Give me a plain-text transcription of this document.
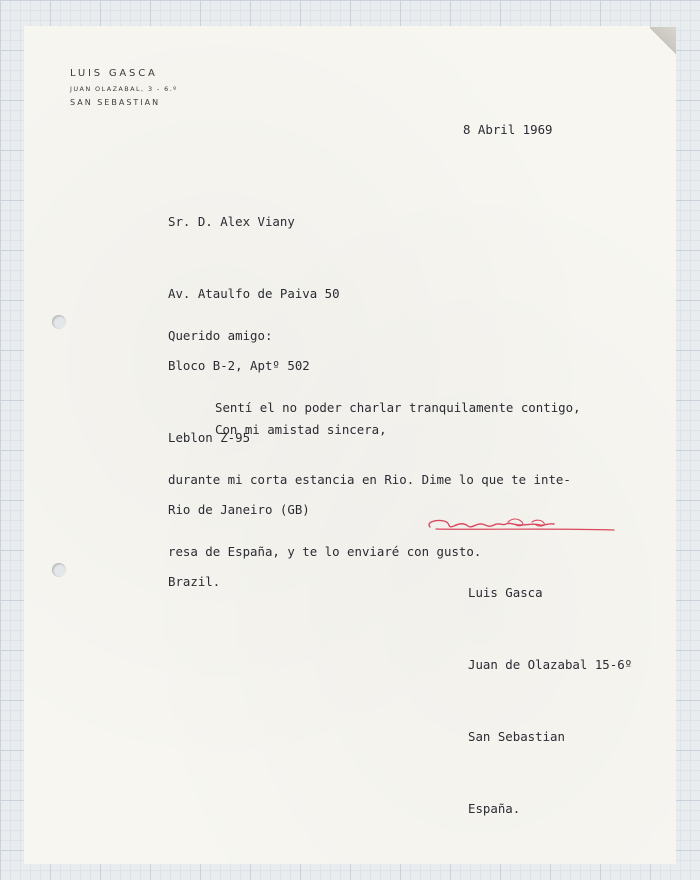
LUIS GASCA
JUAN OLAZABAL, 3 - 6.º
SAN SEBASTIAN
8 Abril 1969

Sr. D. Alex Viany

Av. Ataulfo de Paiva 50

Bloco B-2, Aptº 502

Leblon Z-95

Rio de Janeiro (GB)

Brazil.

Querido amigo:

Sentí el no poder charlar tranquilamente contigo,

durante mi corta estancia en Rio. Dime lo que te inte-

resa de España, y te lo enviaré con gusto.

Con mi amistad sincera,

Luis Gasca

Juan de Olazabal 15-6º

San Sebastian

España.
